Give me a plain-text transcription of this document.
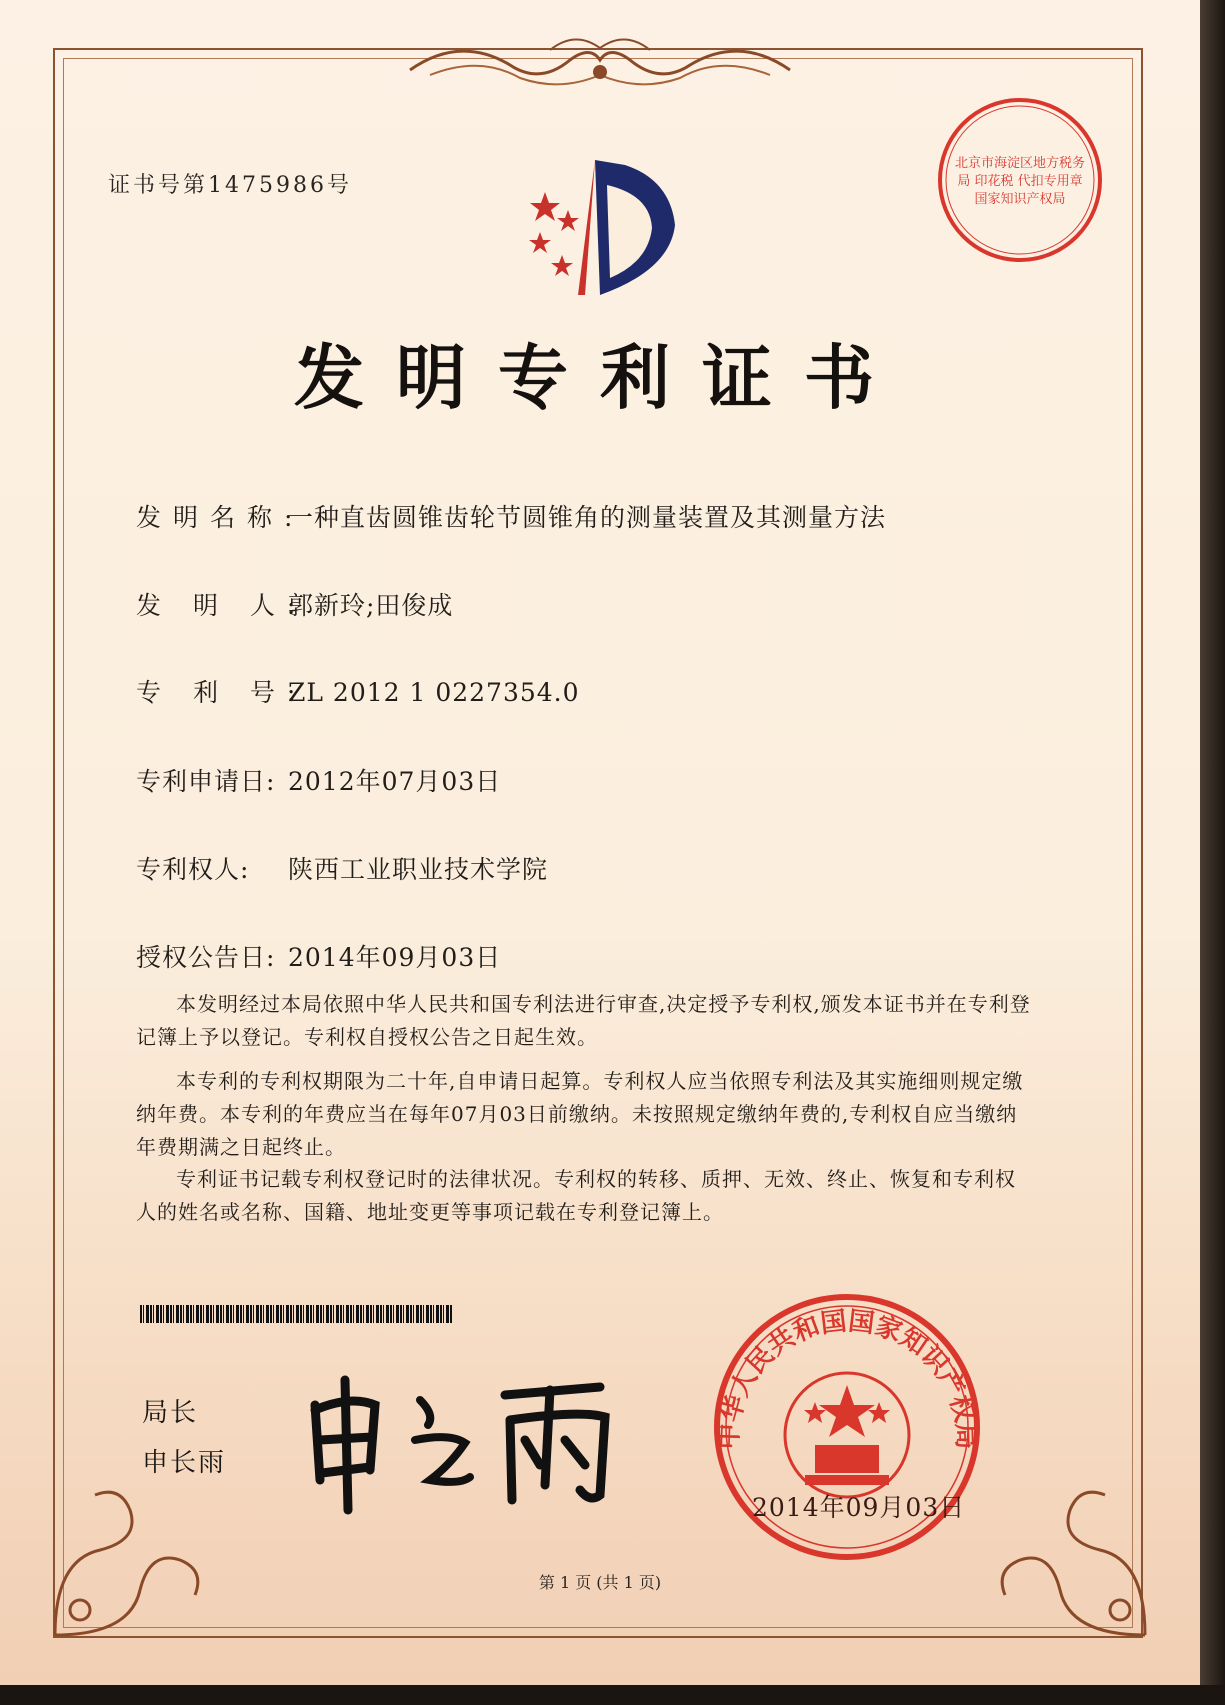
证书号第1475986号
北京市海淀区地方税务局 印花税 代扣专用章 国家知识产权局
发明专利证书
发明名称:一种直齿圆锥齿轮节圆锥角的测量装置及其测量方法
发 明 人:郭新玲;田俊成
专 利 号:ZL 2012 1 0227354.0
专利申请日: 2012年07月03日
专利权人: 陕西工业职业技术学院
授权公告日: 2014年09月03日
本发明经过本局依照中华人民共和国专利法进行审查,决定授予专利权,颁发本证书并在专利登记簿上予以登记。专利权自授权公告之日起生效。
本专利的专利权期限为二十年,自申请日起算。专利权人应当依照专利法及其实施细则规定缴纳年费。本专利的年费应当在每年07月03日前缴纳。未按照规定缴纳年费的,专利权自应当缴纳年费期满之日起终止。
专利证书记载专利权登记时的法律状况。专利权的转移、质押、无效、终止、恢复和专利权人的姓名或名称、国籍、地址变更等事项记载在专利登记簿上。
局长
申长雨
中华人民共和国国家知识产权局
2014年09月03日
第 1 页 (共 1 页)
